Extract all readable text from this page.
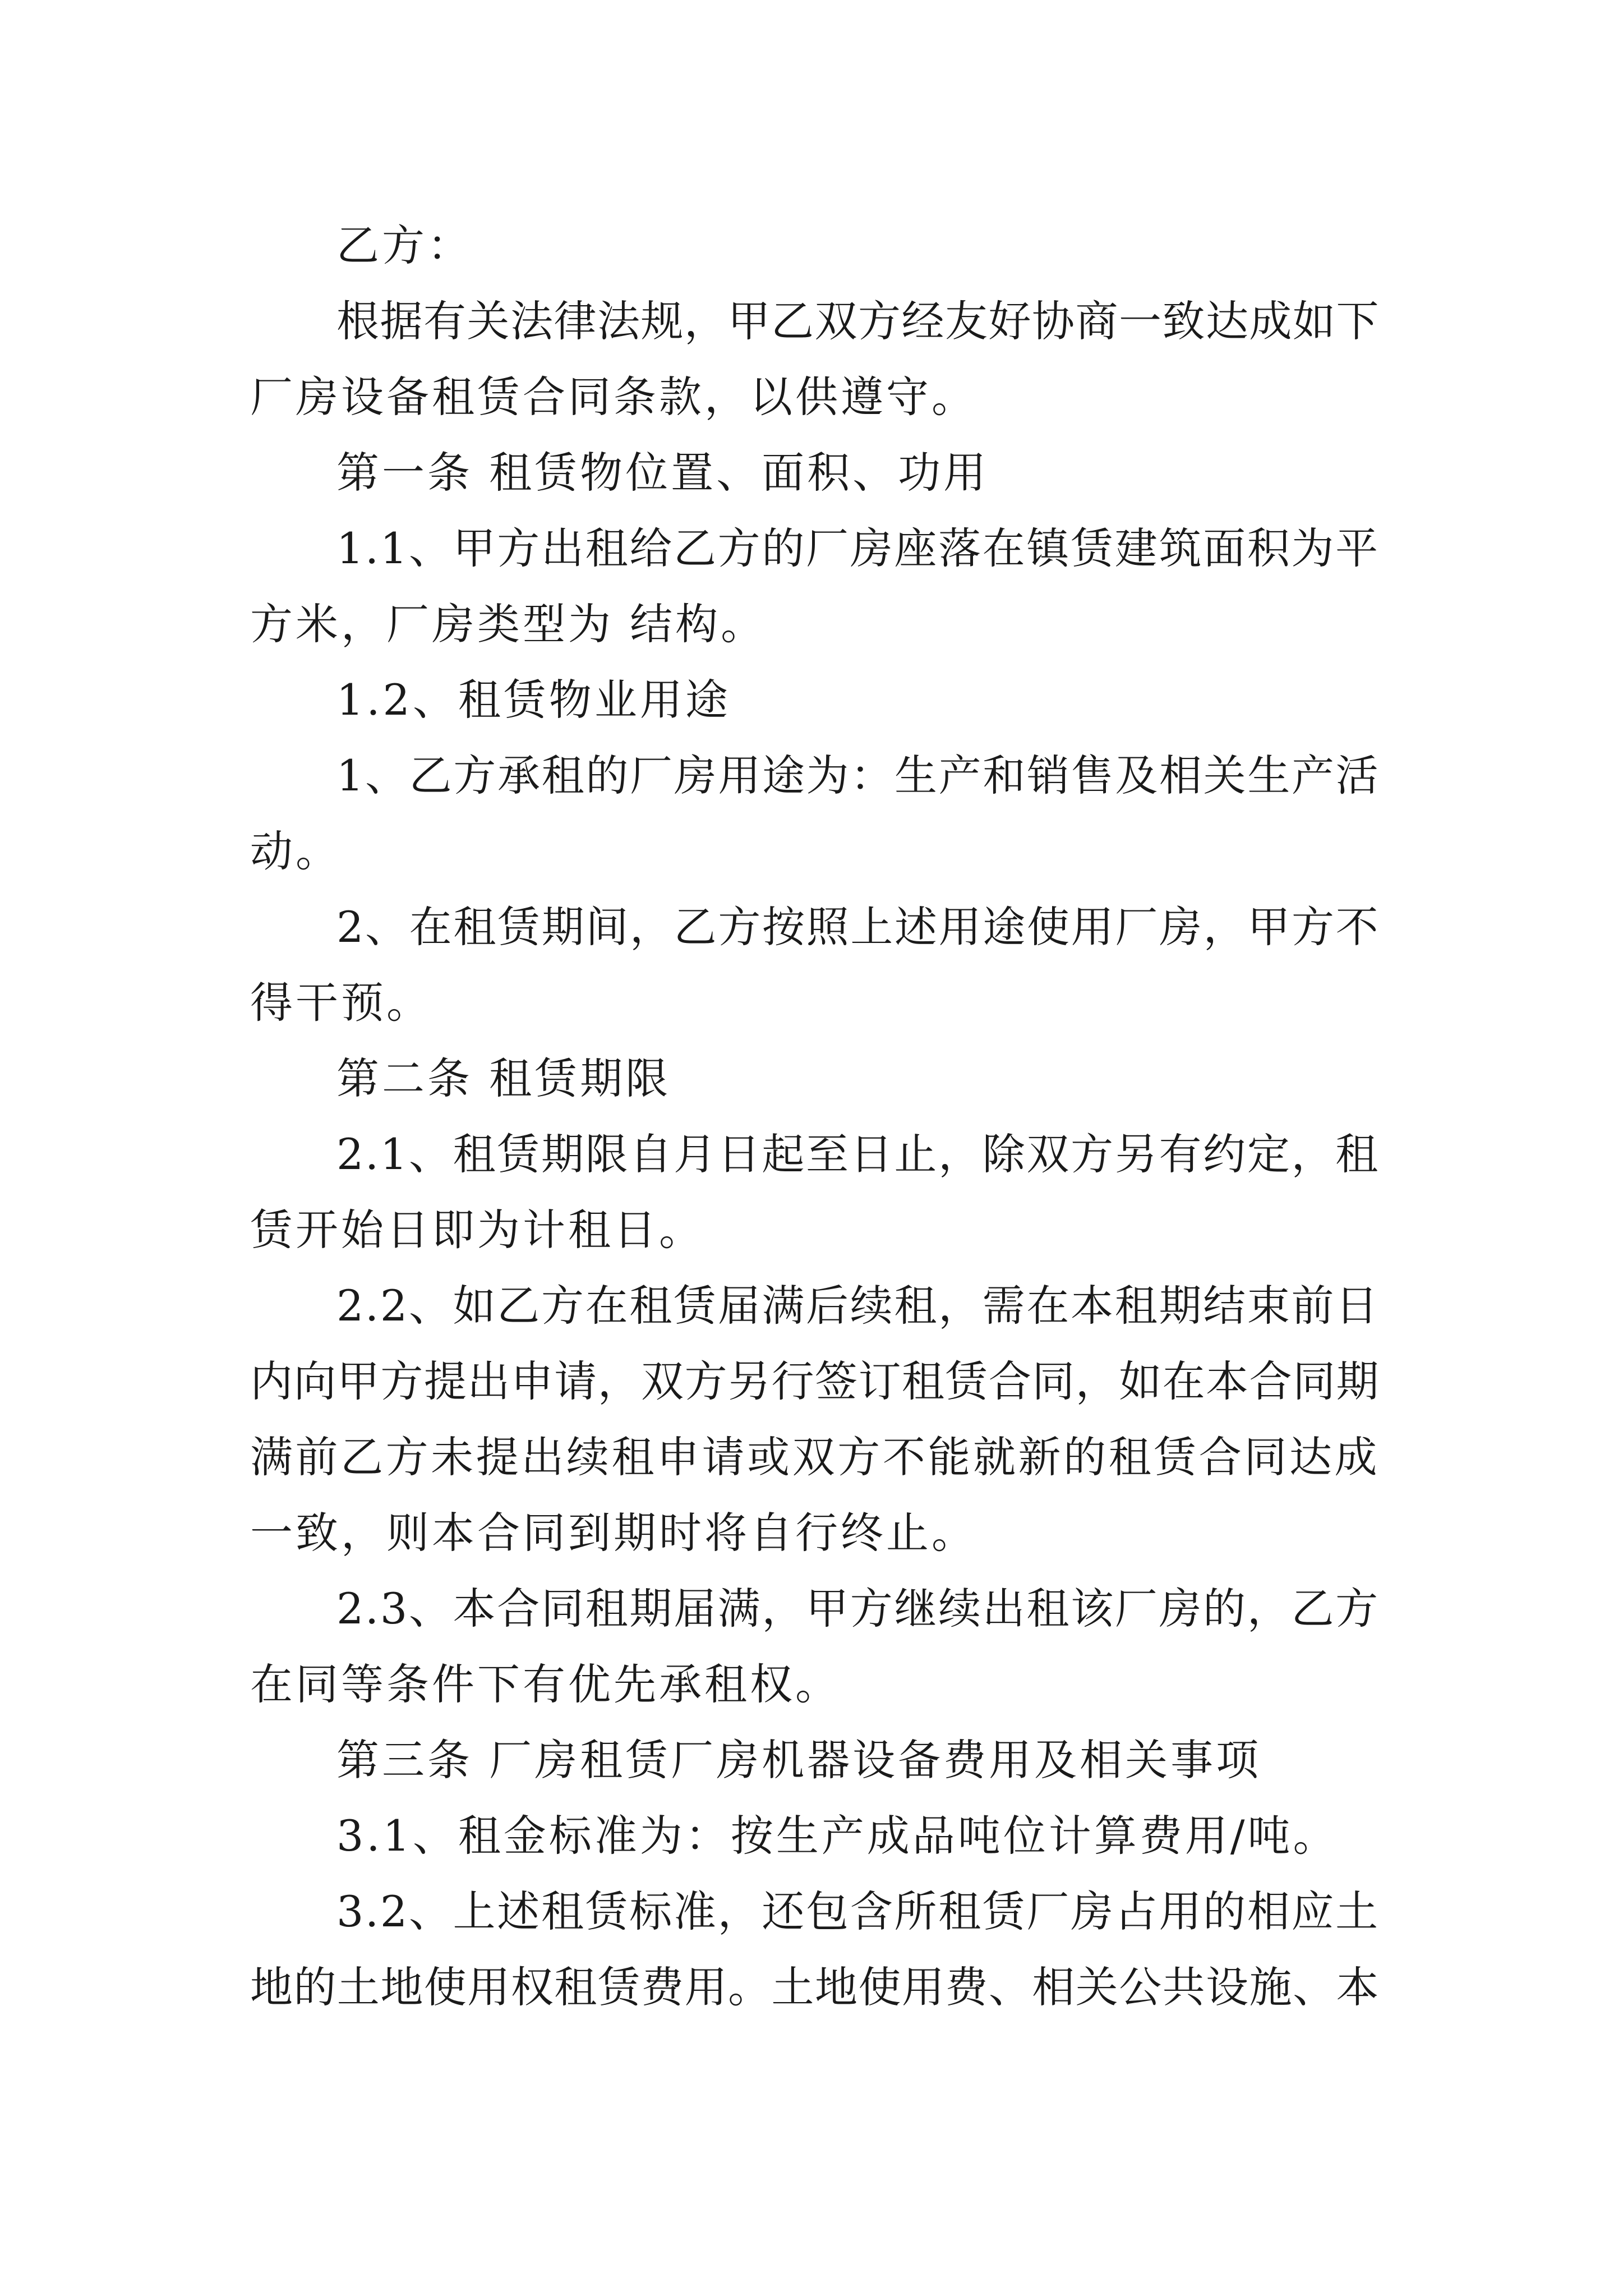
乙方：
根据有关法律法规，甲乙双方经友好协商一致达成如下
厂房设备租赁合同条款，以供遵守。
第一条 租赁物位置、面积、功用
1.1、甲方出租给乙方的厂房座落在镇赁建筑面积为平
方米，厂房类型为 结构。
1.2、租赁物业用途
1、乙方承租的厂房用途为：生产和销售及相关生产活
动。
2、在租赁期间，乙方按照上述用途使用厂房，甲方不
得干预。
第二条 租赁期限
2.1、租赁期限自月日起至日止，除双方另有约定，租
赁开始日即为计租日。
2.2、如乙方在租赁届满后续租，需在本租期结束前日
内向甲方提出申请，双方另行签订租赁合同，如在本合同期
满前乙方未提出续租申请或双方不能就新的租赁合同达成
一致，则本合同到期时将自行终止。
2.3、本合同租期届满，甲方继续出租该厂房的，乙方
在同等条件下有优先承租权。
第三条 厂房租赁厂房机器设备费用及相关事项
3.1、租金标准为：按生产成品吨位计算费用/吨。
3.2、上述租赁标准，还包含所租赁厂房占用的相应土
地的土地使用权租赁费用。土地使用费、相关公共设施、本
